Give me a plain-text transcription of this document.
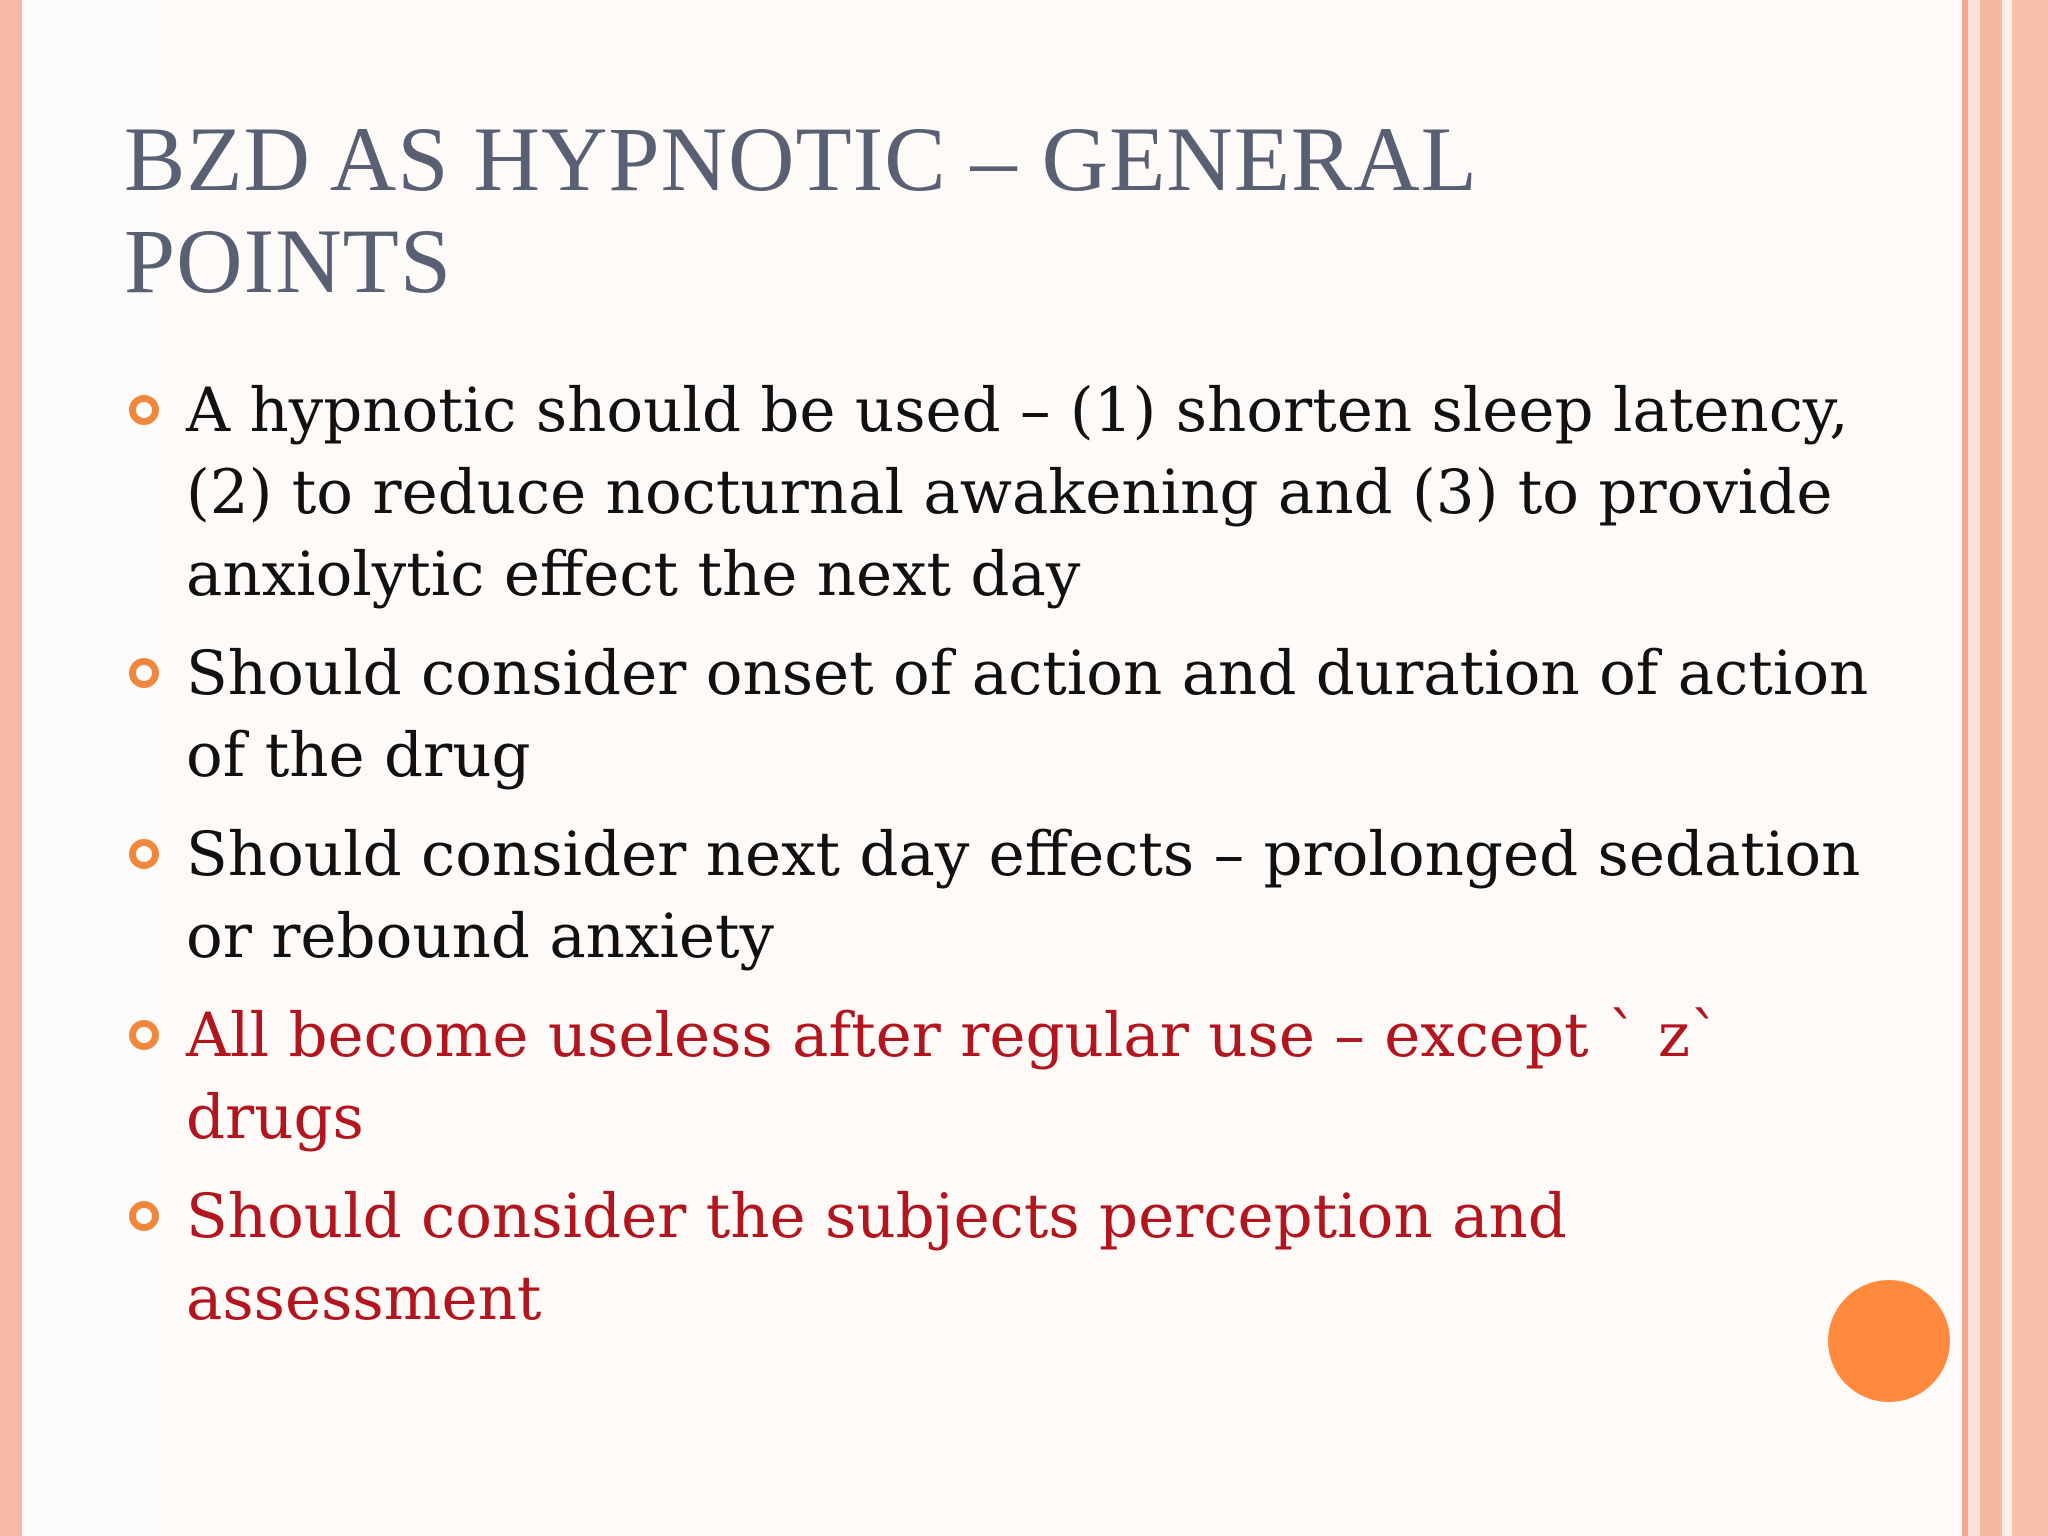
BZD AS HYPNOTIC – GENERAL POINTS
A hypnotic should be used – (1) shorten sleep latency, (2) to reduce nocturnal awakening and (3) to provide anxiolytic effect the next day
Should consider onset of action and duration of action of the drug
Should consider next day effects – prolonged sedation or rebound anxiety
All become useless after regular use – except ` z` drugs
Should consider the subjects perception and assessment
